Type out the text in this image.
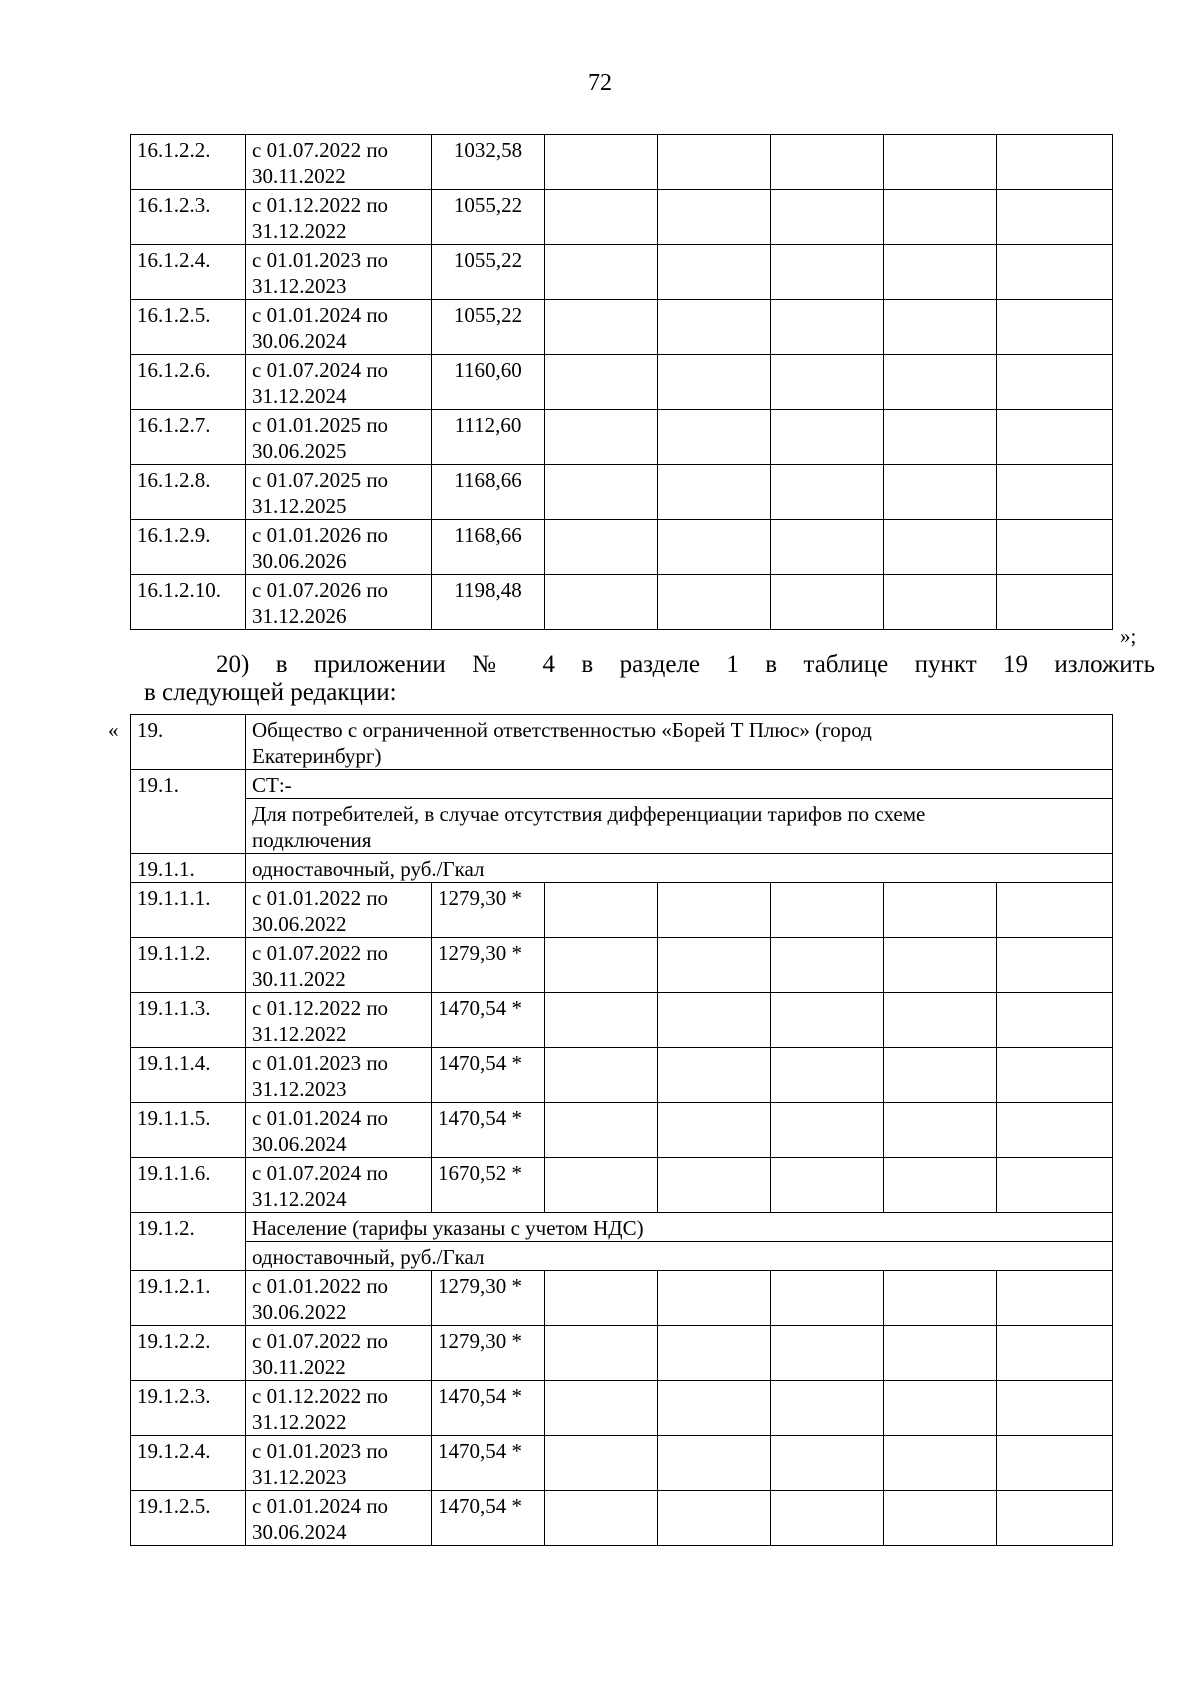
72
16.1.2.2.	с 01.07.2022 по
30.11.2022	1032,58					
16.1.2.3.	с 01.12.2022 по
31.12.2022	1055,22					
16.1.2.4.	с 01.01.2023 по
31.12.2023	1055,22					
16.1.2.5.	с 01.01.2024 по
30.06.2024	1055,22					
16.1.2.6.	с 01.07.2024 по
31.12.2024	1160,60					
16.1.2.7.	с 01.01.2025 по
30.06.2025	1112,60					
16.1.2.8.	с 01.07.2025 по
31.12.2025	1168,66					
16.1.2.9.	с 01.01.2026 по
30.06.2026	1168,66					
16.1.2.10.	с 01.07.2026 по
31.12.2026	1198,48					
»;
20) в приложении № 4 в разделе 1 в таблице пункт 19 изложить
в следующей редакции:
« 19.	Общество с ограниченной ответственностью «Борей Т Плюс» (город
Екатеринбург)						

19.1.	СТ:-						

	Для потребителей, в случае отсутствия дифференциации тарифов по схеме
подключения						

19.1.1.	одноставочный, руб./Гкал						
19.1.1.1.	с 01.01.2022 по
30.06.2022	1279,30 *					
19.1.1.2.	с 01.07.2022 по
30.11.2022	1279,30 *					
19.1.1.3.	с 01.12.2022 по
31.12.2022	1470,54 *					
19.1.1.4.	с 01.01.2023 по
31.12.2023	1470,54 *					
19.1.1.5.	с 01.01.2024 по
30.06.2024	1470,54 *					
19.1.1.6.	с 01.07.2024 по
31.12.2024	1670,52 *					
19.1.2.	Население (тарифы указаны с учетом НДС)						
	одноставочный, руб./Гкал						
19.1.2.1.	с 01.01.2022 по
30.06.2022	1279,30 *					
19.1.2.2.	с 01.07.2022 по
30.11.2022	1279,30 *					
19.1.2.3.	с 01.12.2022 по
31.12.2022	1470,54 *					
19.1.2.4.	с 01.01.2023 по
31.12.2023	1470,54 *					
19.1.2.5.	с 01.01.2024 по
30.06.2024	1470,54 *					
